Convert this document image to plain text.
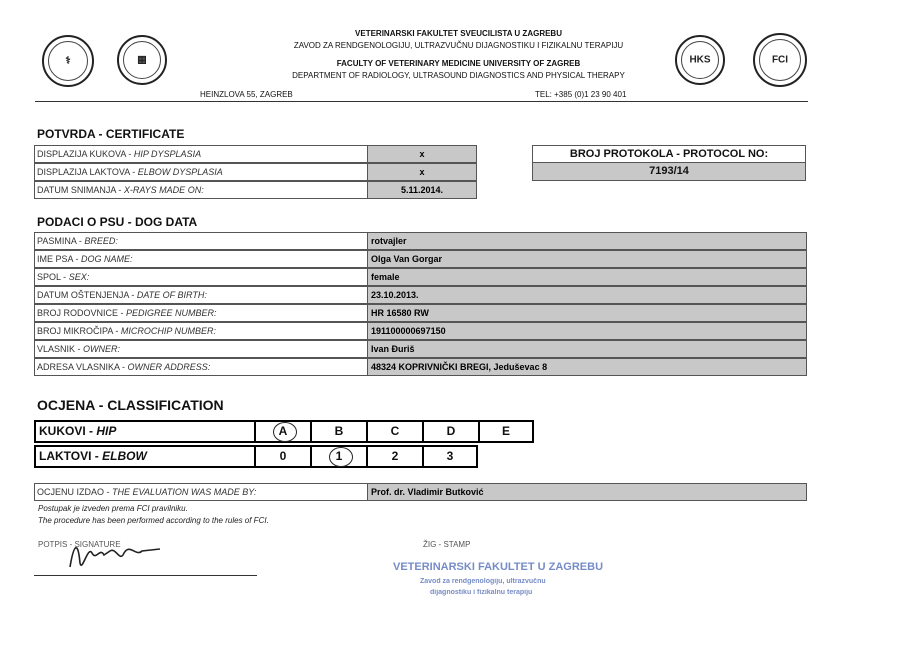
⚕	▦	HKS	FCI
VETERINARSKI FAKULTET SVEUCILISTA U ZAGREBU
ZAVOD ZA RENDGENOLOGIJU, ULTRAZVUČNU DIJAGNOSTIKU I FIZIKALNU TERAPIJU
FACULTY OF VETERINARY MEDICINE UNIVERSITY OF ZAGREB
DEPARTMENT OF RADIOLOGY, ULTRASOUND DIAGNOSTICS AND PHYSICAL THERAPY
HEINZLOVA 55, ZAGREB	TEL: +385 (0)1 23 90 401
POTVRDA - CERTIFICATE
DISPLAZIJA KUKOVA - HIP DYSPLASIA	x
DISPLAZIJA LAKTOVA - ELBOW DYSPLASIA	x
DATUM SNIMANJA - X-RAYS MADE ON:	5.11.2014.
BROJ PROTOKOLA - PROTOCOL NO:
7193/14
PODACI O PSU - DOG DATA
PASMINA - BREED:	rotvajler
IME PSA - DOG NAME:	Olga Van Gorgar
SPOL - SEX:	female
DATUM OŠTENJENJA - DATE OF BIRTH:	23.10.2013.
BROJ RODOVNICE - PEDIGREE NUMBER:	HR 16580 RW
BROJ MIKROČIPA - MICROCHIP NUMBER:	191100000697150
VLASNIK - OWNER:	Ivan Đuriš
ADRESA VLASNIKA - OWNER ADDRESS:	48324 KOPRIVNIČKI BREGI, Jeduševac 8
OCJENA - CLASSIFICATION
KUKOVI - HIP	A	B	C	D	E
LAKTOVI - ELBOW	0	1	2	3
OCJENU IZDAO - THE EVALUATION WAS MADE BY:	Prof. dr. Vladimir Butković
Postupak je izveden prema FCI pravilniku.
The procedure has been performed according to the rules of FCI.
POTPIS - SIGNATURE	ŽIG - STAMP
VETERINARSKI FAKULTET U ZAGREBU
Zavod za rendgenologiju, ultrazvučnu
dijagnostiku i fizikalnu terapiju
